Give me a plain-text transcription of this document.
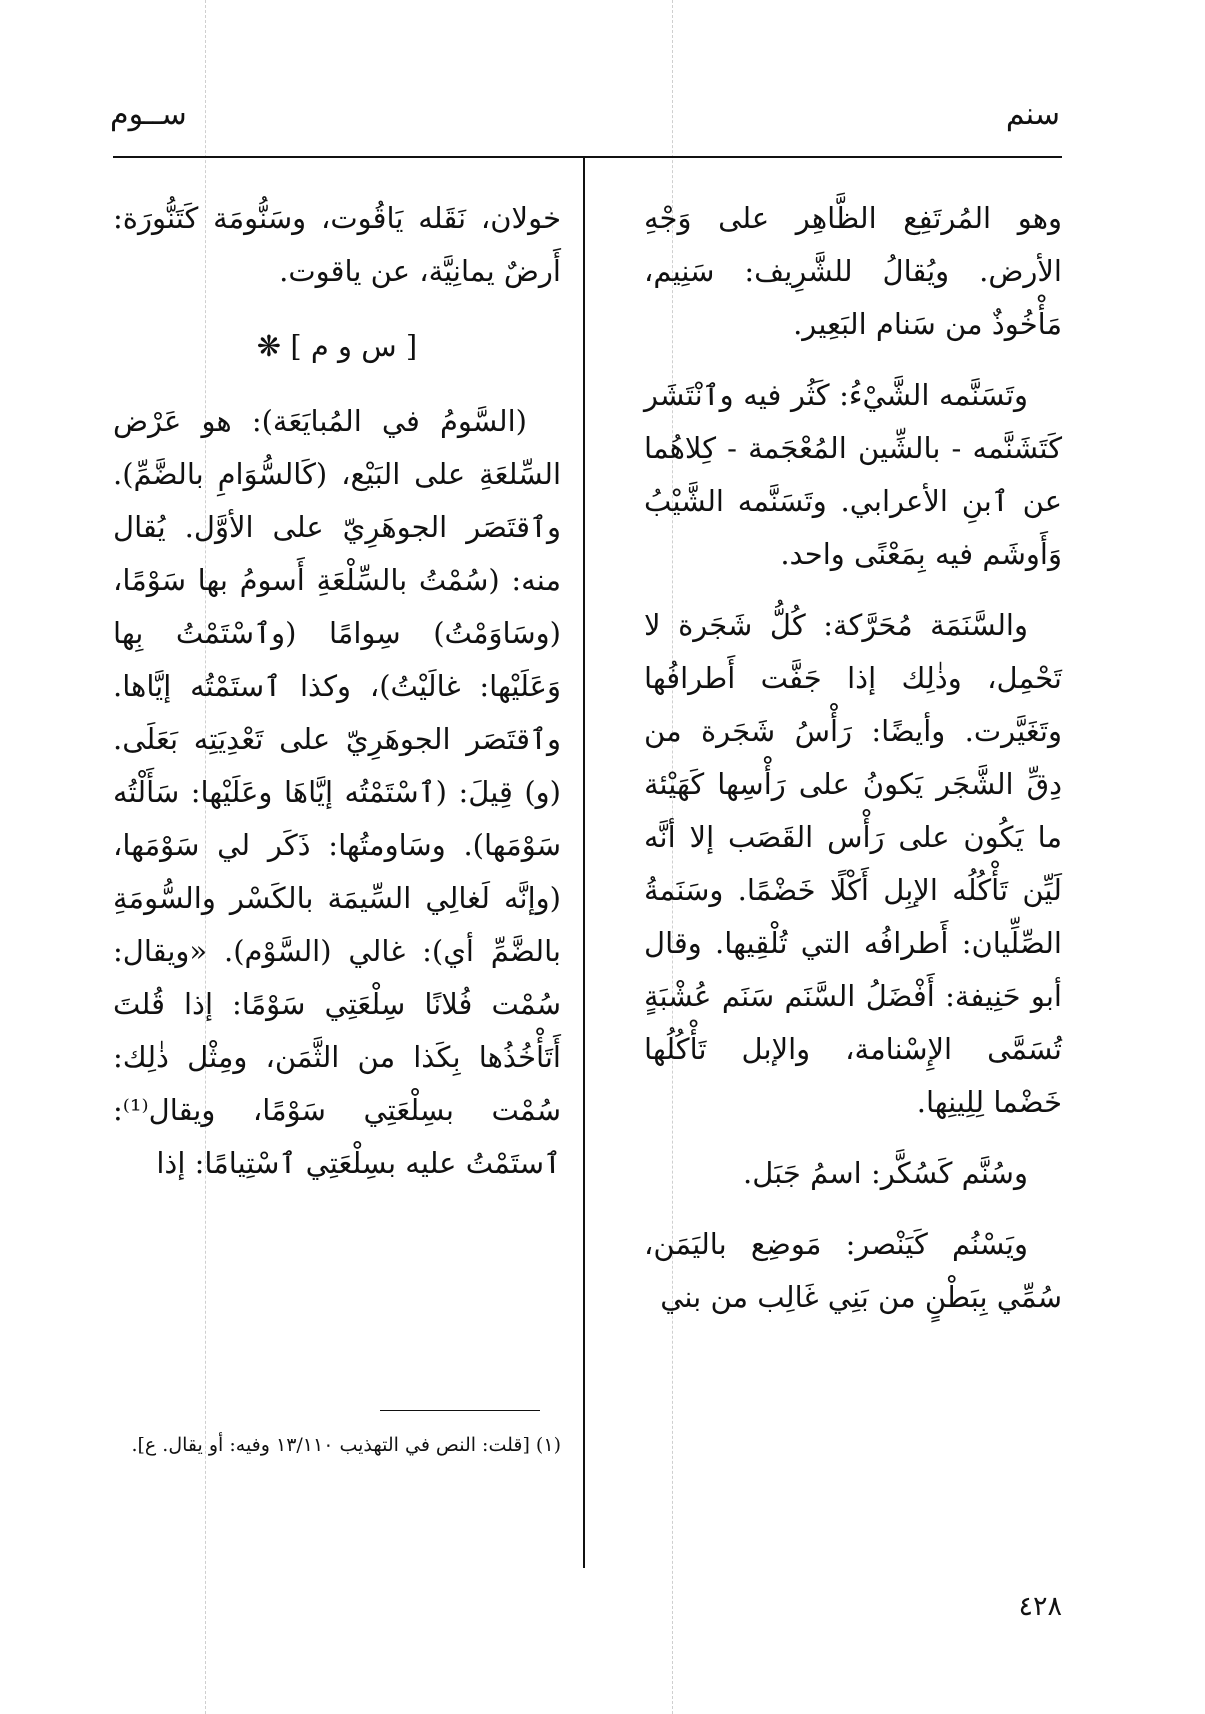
سنم
ســوم

وهو المُرتَفِع الظَّاهِر على وَجْهِ الأرض. ويُقالُ للشَّرِيف: سَنِيم، مَأْخُوذٌ من سَنام البَعِير.

وتَسَنَّمه الشَّيْءُ: كَثُر فيه وٱنْتَشَر كَتَشَنَّمه - بالشِّين المُعْجَمة - كِلاهُما عن ٱبنِ الأعرابي. وتَسَنَّمه الشَّيْبُ وَأَوشَم فيه بِمَعْنًى واحد.

والسَّنَمَة مُحَرَّكة: كُلُّ شَجَرة لا تَحْمِل، وذٰلِك إذا جَفَّت أَطرافُها وتَغَيَّرت. وأيضًا: رَأْسُ شَجَرة من دِقِّ الشَّجَر يَكونُ على رَأْسِها كَهَيْئة ما يَكُون على رَأْس القَصَب إلا أنَّه لَيِّن تَأْكُلُه الإبِل أَكْلًا خَضْمًا. وسَنَمةُ الصِّلِّيان: أَطرافُه التي تُلْقِيها. وقال أبو حَنِيفة: أَفْضَلُ السَّنَم سَنَم عُشْبَةٍ تُسَمَّى الإِسْنامة، والإبل تَأْكُلُها خَضْما لِلِينِها.

وسُنَّم كَسُكَّر: اسمُ جَبَل.

ويَسْنُم كَيَنْصر: مَوضِع باليَمَن، سُمِّي بِبَطْنٍ من بَنِي غَالِب من بني

خولان، نَقَله يَاقُوت، وسَنُّومَة كَتَنُّورَة: أَرضٌ يمانِيَّة، عن ياقوت.

[ س و م ] ❋

(السَّومُ في المُبايَعَة): هو عَرْض السِّلعَةِ على البَيْع، (كَالسُّوَامِ بالضَّمِّ). وٱقتَصَر الجوهَرِيّ على الأوَّل. يُقال منه: (سُمْتُ بالسِّلْعَةِ أَسومُ بها سَوْمًا، (وسَاوَمْتُ) سِوامًا (وٱسْتَمْتُ بِها وَعَلَيْها: غالَيْتُ)، وكذا ٱستَمْتُه إيَّاها. وٱقتَصَر الجوهَرِيّ على تَعْدِيَتِه بَعَلَى. (و) قِيلَ: (ٱسْتَمْتُه إيَّاهَا وعَلَيْها: سَأَلْتُه سَوْمَها). وسَاومتُها: ذَكَر لي سَوْمَها، (وإنَّه لَغالِي السِّيمَة بالكَسْر والسُّومَةِ بالضَّمِّ أي): غالي (السَّوْم). «ويقال: سُمْت فُلانًا سِلْعَتِي سَوْمًا: إذا قُلتَ أَتَأْخُذُها بِكَذا من الثَّمَن، ومِثْل ذٰلِك: سُمْت بسِلْعَتِي سَوْمًا، ويقال⁽¹⁾: ٱستَمْتُ عليه بسِلْعَتِي ٱسْتِيامًا: إذا

(١) [قلت: النص في التهذيب ١٣/١١٠ وفيه: أو يقال. ع].
٤٢٨
